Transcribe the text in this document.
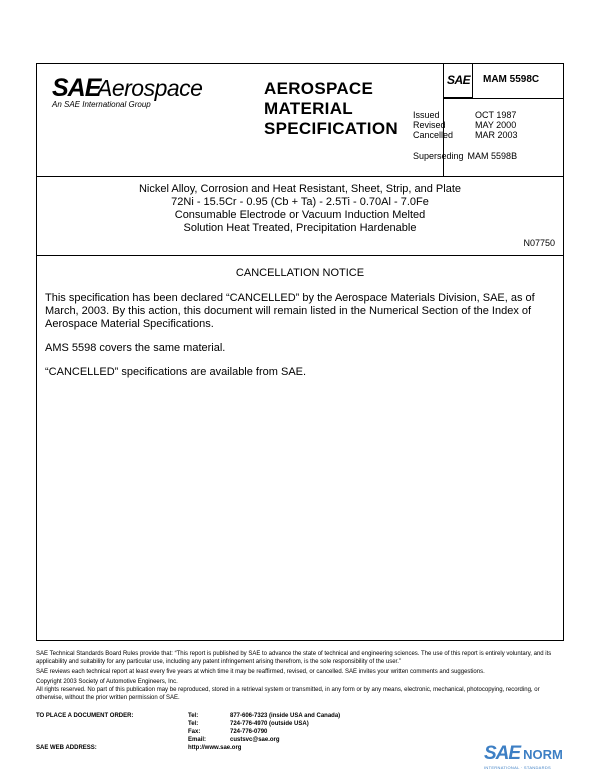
SAE
Aerospace
An SAE International Group
AEROSPACE
MATERIAL
SPECIFICATION
SAE MAM 5598C
Issued	OCT 1987
Revised	MAY 2000
Cancelled	MAR 2003
Superseding MAM 5598B
Nickel Alloy, Corrosion and Heat Resistant, Sheet, Strip, and Plate
72Ni - 15.5Cr - 0.95 (Cb + Ta) - 2.5Ti - 0.70Al - 7.0Fe
Consumable Electrode or Vacuum Induction Melted
Solution Heat Treated, Precipitation Hardenable
N07750
CANCELLATION NOTICE

This specification has been declared “CANCELLED” by the Aerospace Materials Division, SAE, as of March, 2003. By this action, this document will remain listed in the Numerical Section of the Index of Aerospace Material Specifications.

AMS 5598 covers the same material.

“CANCELLED” specifications are available from SAE.

SAE Technical Standards Board Rules provide that: “This report is published by SAE to advance the state of technical and engineering sciences. The use of this report is entirely voluntary, and its applicability and suitability for any particular use, including any patent infringement arising therefrom, is the sole responsibility of the user.”

SAE reviews each technical report at least every five years at which time it may be reaffirmed, revised, or cancelled. SAE invites your written comments and suggestions.

Copyright 2003 Society of Automotive Engineers, Inc.

All rights reserved. No part of this publication may be reproduced, stored in a retrieval system or transmitted, in any form or by any means, electronic, mechanical, photocopying, recording, or otherwise, without the prior written permission of SAE.

TO PLACE A DOCUMENT ORDER:	Tel:	877-606-7323 (inside USA and Canada)
Tel:	724-776-4970 (outside USA)
Fax:	724-776-0790
Email:	custsvc@sae.org
SAE WEB ADDRESS:	http://www.sae.org	SAE NORM
INTERNATIONAL · STANDARDS
